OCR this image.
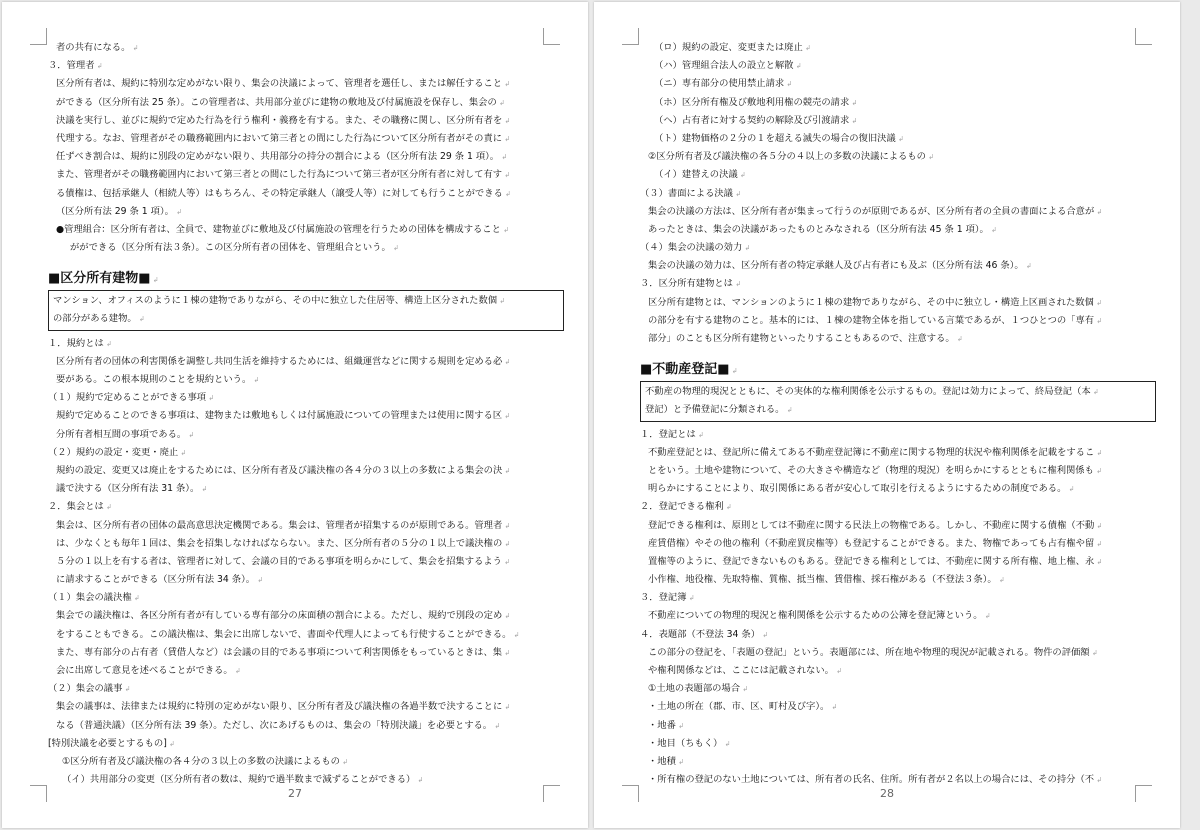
者の共有になる。 ↲
３．管理者 ↲
区分所有者は、規約に特別な定めがない限り、集会の決議によって、管理者を選任し、または解任すること ↲
ができる（区分所有法 25 条）。この管理者は、共用部分並びに建物の敷地及び付属施設を保存し、集会の ↲
決議を実行し、並びに規約で定めた行為を行う権利・義務を有する。また、その職務に関し、区分所有者を ↲
代理する。なお、管理者がその職務範囲内において第三者との間にした行為について区分所有者がその責に ↲
任ずべき割合は、規約に別段の定めがない限り、共用部分の持分の割合による（区分所有法 29 条 1 項）。 ↲
また、管理者がその職務範囲内において第三者との間にした行為について第三者が区分所有者に対して有す ↲
る債権は、包括承継人（相続人等）はもちろん、その特定承継人（譲受人等）に対しても行うことができる ↲
（区分所有法 29 条 1 項）。 ↲
●管理組合：区分所有者は、全員で、建物並びに敷地及び付属施設の管理を行うための団体を構成すること ↲
がができる（区分所有法３条）。この区分所有者の団体を、管理組合という。 ↲
■区分所有建物■ ↲
マンション、オフィスのように１棟の建物でありながら、その中に独立した住居等、構造上区分された数個 ↲
の部分がある建物。 ↲
１．規約とは ↲
区分所有者の団体の利害関係を調整し共同生活を維持するためには、組織運営などに関する規則を定める必 ↲
要がある。この根本規則のことを規約という。 ↲
（１）規約で定めることができる事項 ↲
規約で定めることのできる事項は、建物または敷地もしくは付属施設についての管理または使用に関する区 ↲
分所有者相互間の事項である。 ↲
（２）規約の設定・変更・廃止 ↲
規約の設定、変更又は廃止をするためには、区分所有者及び議決権の各４分の３以上の多数による集会の決 ↲
議で決する（区分所有法 31 条）。 ↲
２．集会とは ↲
集会は、区分所有者の団体の最高意思決定機関である。集会は、管理者が招集するのが原則である。管理者 ↲
は、少なくとも毎年１回は、集会を招集しなければならない。また、区分所有者の５分の１以上で議決権の ↲
５分の１以上を有する者は、管理者に対して、会議の目的である事項を明らかにして、集会を招集するよう ↲
に請求することができる（区分所有法 34 条）。 ↲
（１）集会の議決権 ↲
集会での議決権は、各区分所有者が有している専有部分の床面積の割合による。ただし、規約で別段の定め ↲
をすることもできる。この議決権は、集会に出席しないで、書面や代理人によっても行使することができる。 ↲
また、専有部分の占有者（賃借人など）は会議の目的である事項について利害関係をもっているときは、集 ↲
会に出席して意見を述べることができる。 ↲
（２）集会の議事 ↲
集会の議事は、法律または規約に特別の定めがない限り、区分所有者及び議決権の各過半数で決することに ↲
なる（普通決議）（区分所有法 39 条）。ただし、次にあげるものは、集会の「特別決議」を必要とする。 ↲
[特別決議を必要とするもの] ↲
①区分所有者及び議決権の各４分の３以上の多数の決議によるもの ↲
（イ）共用部分の変更（区分所有者の数は、規約で過半数まで減ずることができる） ↲
27
（ロ）規約の設定、変更または廃止 ↲
（ハ）管理組合法人の設立と解散 ↲
（ニ）専有部分の使用禁止請求 ↲
（ホ）区分所有権及び敷地利用権の競売の請求 ↲
（ヘ）占有者に対する契約の解除及び引渡請求 ↲
（ト）建物価格の２分の１を超える滅失の場合の復旧決議 ↲
②区分所有者及び議決権の各５分の４以上の多数の決議によるもの ↲
（イ）建替えの決議 ↲
（３）書面による決議 ↲
集会の決議の方法は、区分所有者が集まって行うのが原則であるが、区分所有者の全員の書面による合意が ↲
あったときは、集会の決議があったものとみなされる（区分所有法 45 条 1 項）。 ↲
（４）集会の決議の効力 ↲
集会の決議の効力は、区分所有者の特定承継人及び占有者にも及ぶ（区分所有法 46 条）。 ↲
３．区分所有建物とは ↲
区分所有建物とは、マンションのように１棟の建物でありながら、その中に独立し・構造上区画された数個 ↲
の部分を有する建物のこと。基本的には、１棟の建物全体を指している言葉であるが、１つひとつの「専有 ↲
部分」のことも区分所有建物といったりすることもあるので、注意する。 ↲
■不動産登記■ ↲
不動産の物理的現況とともに、その実体的な権利関係を公示するもの。登記は効力によって、終局登記（本 ↲
登記）と予備登記に分類される。 ↲
１．登記とは ↲
不動産登記とは、登記所に備えてある不動産登記簿に不動産に関する物理的状況や権利関係を記載をするこ ↲
とをいう。土地や建物について、その大きさや構造など（物理的現況）を明らかにするとともに権利関係も ↲
明らかにすることにより、取引関係にある者が安心して取引を行えるようにするための制度である。 ↲
２．登記できる権利 ↲
登記できる権利は、原則としては不動産に関する民法上の物権である。しかし、不動産に関する債権（不動 ↲
産賃借権）やその他の権利（不動産買戻権等）も登記することができる。また、物権であっても占有権や留 ↲
置権等のように、登記できないものもある。登記できる権利としては、不動産に関する所有権、地上権、永 ↲
小作権、地役権、先取特権、質権、抵当権、賃借権、採石権がある（不登法３条）。 ↲
３．登記簿 ↲
不動産についての物理的現況と権利関係を公示するための公簿を登記簿という。 ↲
４．表題部（不登法 34 条） ↲
この部分の登記を、「表題の登記」という。表題部には、所在地や物理的現況が記載される。物件の評価額 ↲
や権利関係などは、ここには記載されない。 ↲
①土地の表題部の場合 ↲
・土地の所在（郡、市、区、町村及び字）。 ↲
・地番 ↲
・地目（ちもく） ↲
・地積 ↲
・所有権の登記のない土地については、所有者の氏名、住所。所有者が２名以上の場合には、その持分（不 ↲
28
